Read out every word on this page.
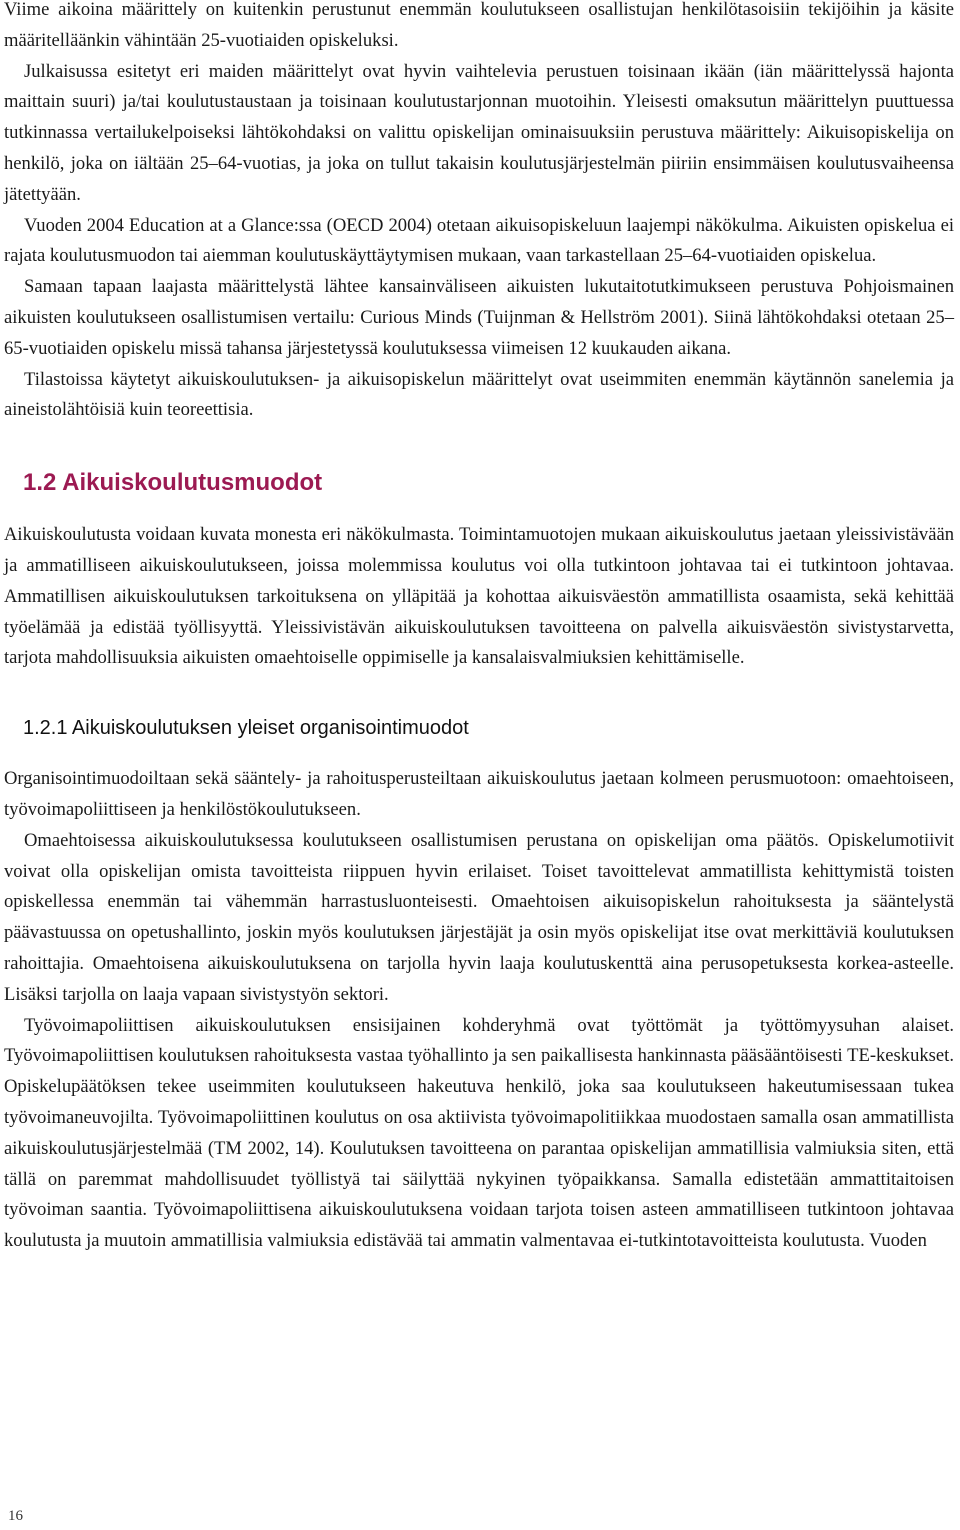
Viime aikoina määrittely on kuitenkin perustunut enemmän koulutukseen osallistujan henkilötasoisiin tekijöihin ja käsite määritelläänkin vähintään 25-vuotiaiden opiskeluksi.

Julkaisussa esitetyt eri maiden määrittelyt ovat hyvin vaihtelevia perustuen toisinaan ikään (iän määrittelyssä hajonta maittain suuri) ja/tai koulutustaustaan ja toisinaan koulutustarjonnan muotoihin. Yleisesti omaksutun määrittelyn puuttuessa tutkinnassa vertailukelpoiseksi lähtökohdaksi on valittu opiskelijan ominaisuuksiin perustuva määrittely: Aikuisopiskelija on henkilö, joka on iältään 25–64-vuotias, ja joka on tullut takaisin koulutusjärjestelmän piiriin ensimmäisen koulutusvaiheensa jätettyään.

Vuoden 2004 Education at a Glance:ssa (OECD 2004) otetaan aikuisopiskeluun laajempi näkökulma. Aikuisten opiskelua ei rajata koulutusmuodon tai aiemman koulutuskäyttäytymisen mukaan, vaan tarkastellaan 25–64-vuotiaiden opiskelua.

Samaan tapaan laajasta määrittelystä lähtee kansainväliseen aikuisten lukutaitotutkimukseen perustuva Pohjoismainen aikuisten koulutukseen osallistumisen vertailu: Curious Minds (Tuijnman & Hellström 2001). Siinä lähtökohdaksi otetaan 25–65-vuotiaiden opiskelu missä tahansa järjestetyssä koulutuksessa viimeisen 12 kuukauden aikana.

Tilastoissa käytetyt aikuiskoulutuksen- ja aikuisopiskelun määrittelyt ovat useimmiten enemmän käytännön sanelemia ja aineistolähtöisiä kuin teoreettisia.

1.2 Aikuiskoulutusmuodot

Aikuiskoulutusta voidaan kuvata monesta eri näkökulmasta. Toimintamuotojen mukaan aikuiskoulutus jaetaan yleissivistävään ja ammatilliseen aikuiskoulutukseen, joissa molemmissa koulutus voi olla tutkintoon johtavaa tai ei tutkintoon johtavaa. Ammatillisen aikuiskoulutuksen tarkoituksena on ylläpitää ja kohottaa aikuisväestön ammatillista osaamista, sekä kehittää työelämää ja edistää työllisyyttä. Yleissivistävän aikuiskoulutuksen tavoitteena on palvella aikuisväestön sivistystarvetta, tarjota mahdollisuuksia aikuisten omaehtoiselle oppimiselle ja kansalaisvalmiuksien kehittämiselle.

1.2.1 Aikuiskoulutuksen yleiset organisointimuodot

Organisointimuodoiltaan sekä sääntely- ja rahoitusperusteiltaan aikuiskoulutus jaetaan kolmeen perusmuotoon: omaehtoiseen, työvoimapoliittiseen ja henkilöstökoulutukseen.

Omaehtoisessa aikuiskoulutuksessa koulutukseen osallistumisen perustana on opiskelijan oma päätös. Opiskelumotiivit voivat olla opiskelijan omista tavoitteista riippuen hyvin erilaiset. Toiset tavoittelevat ammatillista kehittymistä toisten opiskellessa enemmän tai vähemmän harrastusluonteisesti. Omaehtoisen aikuisopiskelun rahoituksesta ja sääntelystä päävastuussa on opetushallinto, joskin myös koulutuksen järjestäjät ja osin myös opiskelijat itse ovat merkittäviä koulutuksen rahoittajia. Omaehtoisena aikuiskoulutuksena on tarjolla hyvin laaja koulutuskenttä aina perusopetuksesta korkea-asteelle. Lisäksi tarjolla on laaja vapaan sivistystyön sektori.

Työvoimapoliittisen aikuiskoulutuksen ensisijainen kohderyhmä ovat työttömät ja työttömyysuhan alaiset. Työvoimapoliittisen koulutuksen rahoituksesta vastaa työhallinto ja sen paikallisesta hankinnasta pääsääntöisesti TE-keskukset. Opiskelupäätöksen tekee useimmiten koulutukseen hakeutuva henkilö, joka saa koulutukseen hakeutumisessaan tukea työvoimaneuvojilta. Työvoimapoliittinen koulutus on osa aktiivista työvoimapolitiikkaa muodostaen samalla osan ammatillista aikuiskoulutusjärjestelmää (TM 2002, 14). Koulutuksen tavoitteena on parantaa opiskelijan ammatillisia valmiuksia siten, että tällä on paremmat mahdollisuudet työllistyä tai säilyttää nykyinen työpaikkansa. Samalla edistetään ammattitaitoisen työvoiman saantia. Työvoimapoliittisena aikuiskoulutuksena voidaan tarjota toisen asteen ammatilliseen tutkintoon johtavaa koulutusta ja muutoin ammatillisia valmiuksia edistävää tai ammatin valmentavaa ei-tutkintotavoitteista koulutusta. Vuoden

16
